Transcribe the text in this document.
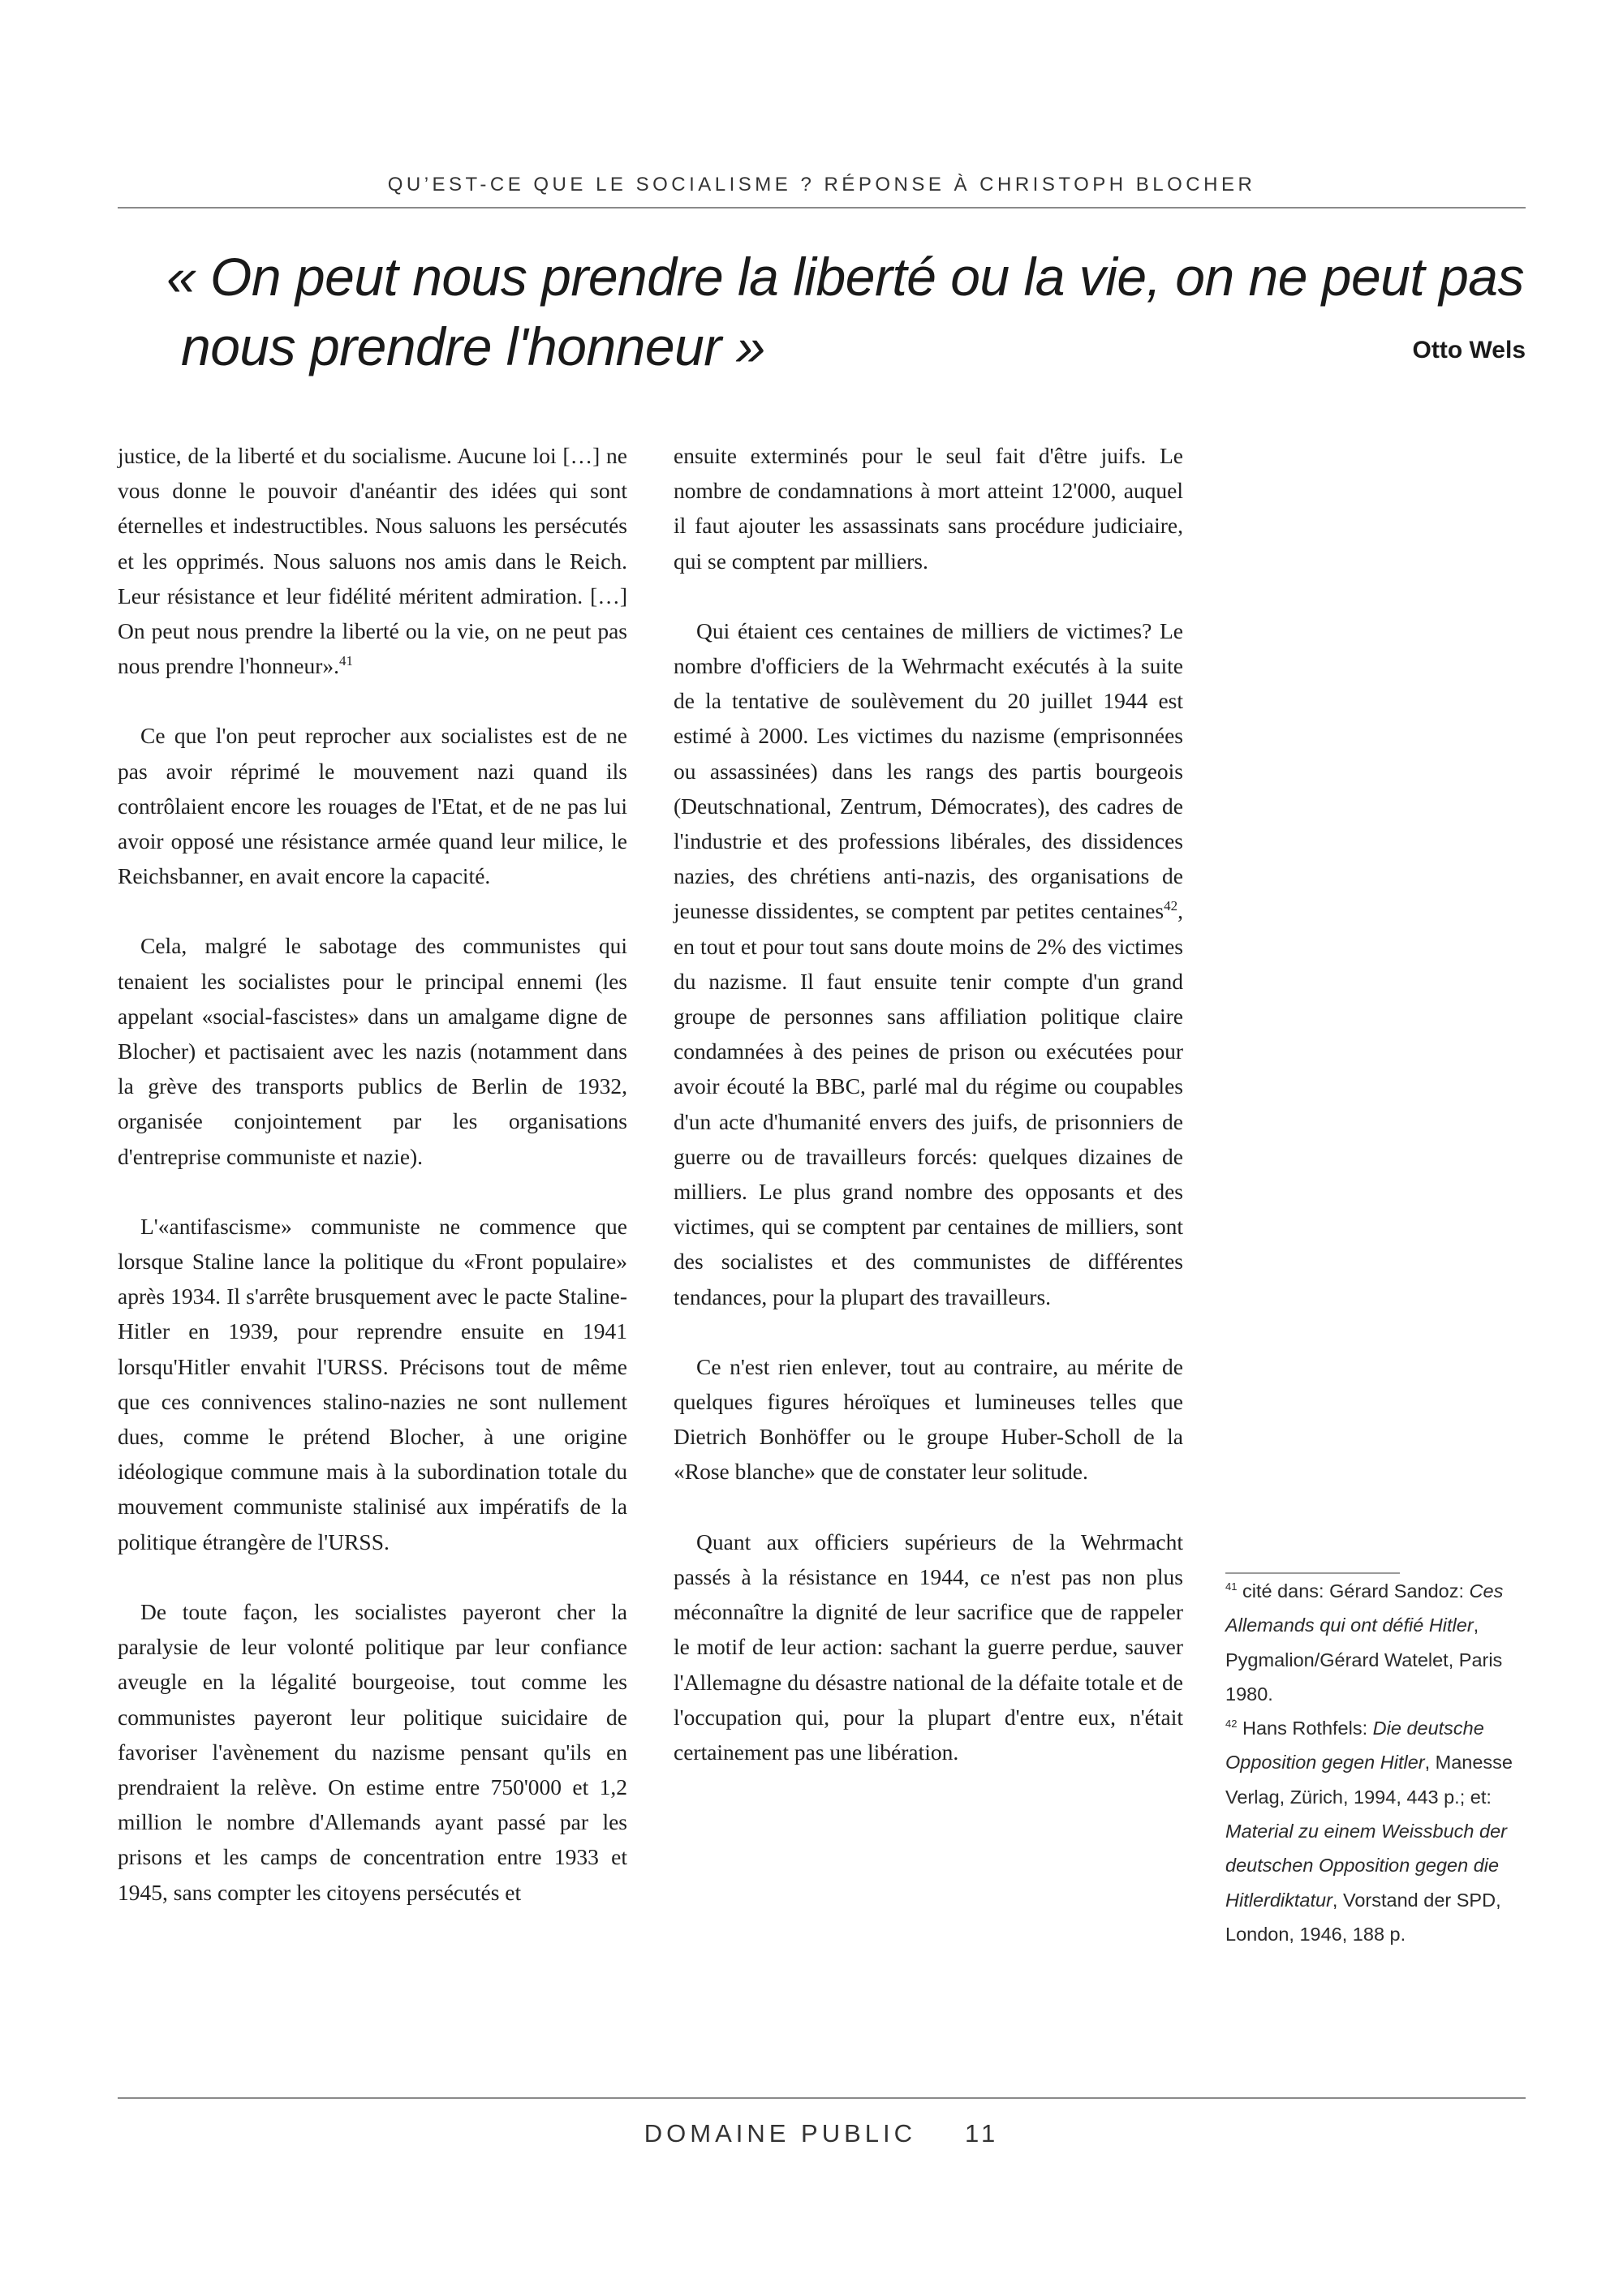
QU’EST-CE QUE LE SOCIALISME ? RÉPONSE À CHRISTOPH BLOCHER
« On peut nous prendre la liberté ou la vie, on ne peut pas
nous prendre l'honneur »	Otto Wels

justice, de la liberté et du socialisme. Aucune loi […] ne vous donne le pouvoir d'anéantir des idées qui sont éternelles et indestructibles. Nous saluons les persécutés et les opprimés. Nous saluons nos amis dans le Reich. Leur résistance et leur fidélité méritent admiration. […] On peut nous prendre la liberté ou la vie, on ne peut pas nous prendre l'honneur».$^{41}$

Ce que l'on peut reprocher aux socialistes est de ne pas avoir réprimé le mouvement nazi quand ils contrôlaient encore les rouages de l'Etat, et de ne pas lui avoir opposé une résistance armée quand leur milice, le Reichsbanner, en avait encore la capacité.

Cela, malgré le sabotage des communistes qui tenaient les socialistes pour le principal ennemi (les appelant «social-fascistes» dans un amalgame digne de Blocher) et pactisaient avec les nazis (notamment dans la grève des transports publics de Berlin de 1932, organisée conjointement par les organisations d'entreprise communiste et nazie).

L'«antifascisme» communiste ne commence que lorsque Staline lance la politique du «Front populaire» après 1934. Il s'arrête brusquement avec le pacte Staline-Hitler en 1939, pour reprendre ensuite en 1941 lorsqu'Hitler envahit l'URSS. Précisons tout de même que ces connivences stalino-nazies ne sont nullement dues, comme le prétend Blocher, à une origine idéologique commune mais à la subordination totale du mouvement communiste stalinisé aux impératifs de la politique étrangère de l'URSS.

De toute façon, les socialistes payeront cher la paralysie de leur volonté politique par leur confiance aveugle en la légalité bourgeoise, tout comme les communistes payeront leur politique suicidaire de favoriser l'avènement du nazisme pensant qu'ils en prendraient la relève. On estime entre 750'000 et 1,2 million le nombre d'Allemands ayant passé par les prisons et les camps de concentration entre 1933 et 1945, sans compter les citoyens persécutés et

ensuite exterminés pour le seul fait d'être juifs. Le nombre de condamnations à mort atteint 12'000, auquel il faut ajouter les assassinats sans procédure judiciaire, qui se comptent par milliers.

Qui étaient ces centaines de milliers de victimes? Le nombre d'officiers de la Wehrmacht exécutés à la suite de la tentative de soulèvement du 20 juillet 1944 est estimé à 2000. Les victimes du nazisme (emprisonnées ou assassinées) dans les rangs des partis bourgeois (Deutschnational, Zentrum, Démocrates), des cadres de l'industrie et des professions libérales, des dissidences nazies, des chrétiens anti-nazis, des organisations de jeunesse dissidentes, se comptent par petites centaines$^{42}$, en tout et pour tout sans doute moins de 2% des victimes du nazisme. Il faut ensuite tenir compte d'un grand groupe de personnes sans affiliation politique claire condamnées à des peines de prison ou exécutées pour avoir écouté la BBC, parlé mal du régime ou coupables d'un acte d'humanité envers des juifs, de prisonniers de guerre ou de travailleurs forcés: quelques dizaines de milliers. Le plus grand nombre des opposants et des victimes, qui se comptent par centaines de milliers, sont des socialistes et des communistes de différentes tendances, pour la plupart des travailleurs.

Ce n'est rien enlever, tout au contraire, au mérite de quelques figures héroïques et lumineuses telles que Dietrich Bonhöffer ou le groupe Huber-Scholl de la «Rose blanche» que de constater leur solitude.

Quant aux officiers supérieurs de la Wehrmacht passés à la résistance en 1944, ce n'est pas non plus méconnaître la dignité de leur sacrifice que de rappeler le motif de leur action: sachant la guerre perdue, sauver l'Allemagne du désastre national de la défaite totale et de l'occupation qui, pour la plupart d'entre eux, n'était certainement pas une libération.

$^{41}$ cité dans: Gérard Sandoz: Ces Allemands qui ont défié Hitler, Pygmalion/Gérard Watelet, Paris 1980.

$^{42}$ Hans Rothfels: Die deutsche Opposition gegen Hitler, Manesse Verlag, Zürich, 1994, 443 p.; et: Material zu einem Weissbuch der deutschen Opposition gegen die Hitlerdiktatur, Vorstand der SPD, London, 1946, 188 p.

DOMAINE PUBLIC 11
